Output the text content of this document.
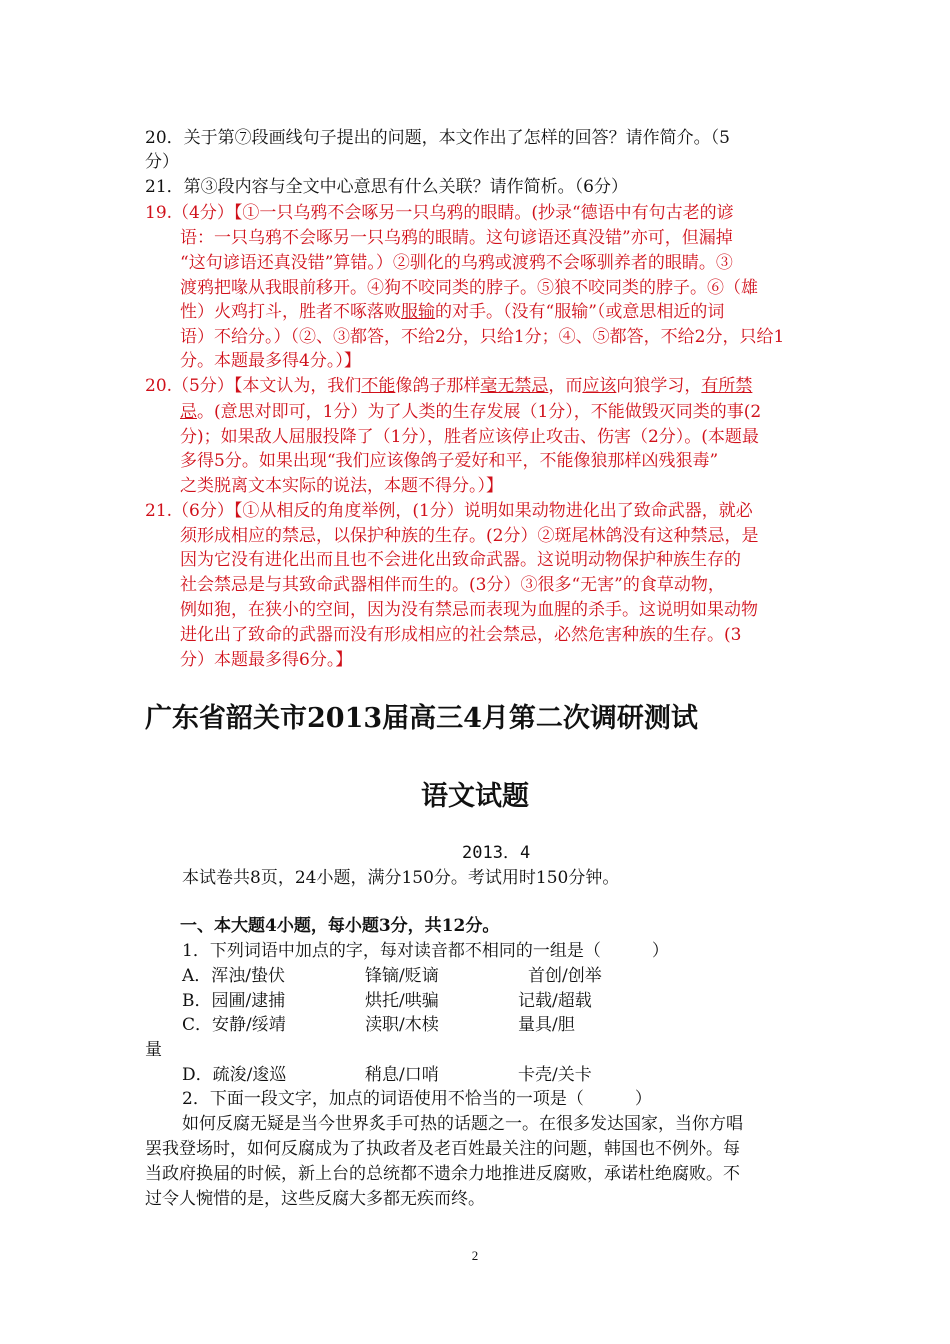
20．关于第⑦段画线句子提出的问题，本文作出了怎样的回答？请作简介。（5

分）

21．第③段内容与全文中心意思有什么关联？请作简析。（6分）

19.（4分）【①一只乌鸦不会啄另一只乌鸦的眼睛。(抄录“德语中有句古老的谚

语：一只乌鸦不会啄另一只乌鸦的眼睛。这句谚语还真没错”亦可，但漏掉

“这句谚语还真没错”算错。）②驯化的乌鸦或渡鸦不会啄驯养者的眼睛。③

渡鸦把喙从我眼前移开。④狗不咬同类的脖子。⑤狼不咬同类的脖子。⑥（雄

性）火鸡打斗，胜者不啄落败服输的对手。（没有“服输”（或意思相近的词

语）不给分。）（②、③都答，不给2分，只给1分；④、⑤都答，不给2分，只给1

分。本题最多得4分。）】

20.（5分）【本文认为，我们不能像鸽子那样毫无禁忌，而应该向狼学习，有所禁

忌。(意思对即可，1分）为了人类的生存发展（1分），不能做毁灭同类的事(2

分)；如果敌人屈服投降了（1分），胜者应该停止攻击、伤害（2分）。(本题最

多得5分。如果出现“我们应该像鸽子爱好和平，不能像狼那样凶残狠毒”

之类脱离文本实际的说法，本题不得分。）】

21.（6分）【①从相反的角度举例，(1分）说明如果动物进化出了致命武器，就必

须形成相应的禁忌，以保护种族的生存。(2分）②斑尾林鸽没有这种禁忌，是

因为它没有进化出而且也不会进化出致命武器。这说明动物保护种族生存的

社会禁忌是与其致命武器相伴而生的。(3分）③很多“无害”的食草动物，

例如狍，在狭小的空间，因为没有禁忌而表现为血腥的杀手。这说明如果动物

进化出了致命的武器而没有形成相应的社会禁忌，必然危害种族的生存。(3

分）本题最多得6分。】

广东省韶关市2013届高三4月第二次调研测试
语文试题

2013．4

本试卷共8页，24小题，满分150分。考试用时150分钟。

一、本大题4小题，每小题3分，共12分。

1．下列词语中加点的字，每对读音都不相同的一组是（　　　）

A．浑浊/蛰伏	锋镝/贬谪	首创/创举

B．园圃/逮捕	烘托/哄骗	记载/超载

C．安静/绥靖	渎职/木椟	量具/胆

量

D．疏浚/逡巡	稍息/口哨	卡壳/关卡

2．下面一段文字，加点的词语使用不恰当的一项是（　　　）

如何反腐无疑是当今世界炙手可热的话题之一。在很多发达国家，当你方唱

罢我登场时，如何反腐成为了执政者及老百姓最关注的问题，韩国也不例外。每

当政府换届的时候，新上台的总统都不遗余力地推进反腐败，承诺杜绝腐败。不

过令人惋惜的是，这些反腐大多都无疾而终。

2
